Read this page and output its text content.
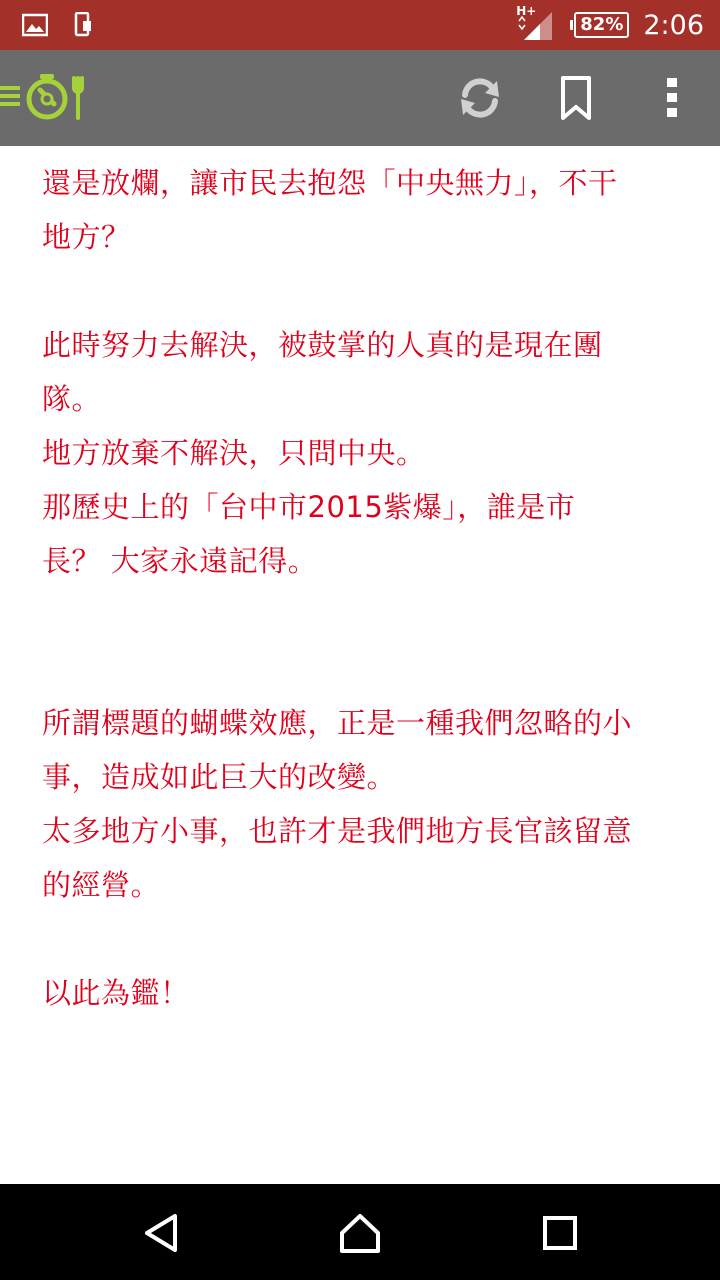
H+
82% 2:06

還是放爛，讓市民去抱怨「中央無力」，不干

地方？

此時努力去解決，被鼓掌的人真的是現在團

隊。

地方放棄不解決，只問中央。

那歷史上的「台中市2015紫爆」，誰是市

長？ 大家永遠記得。

所謂標題的蝴蝶效應，正是一種我們忽略的小

事，造成如此巨大的改變。

太多地方小事，也許才是我們地方長官該留意

的經營。

以此為鑑！
